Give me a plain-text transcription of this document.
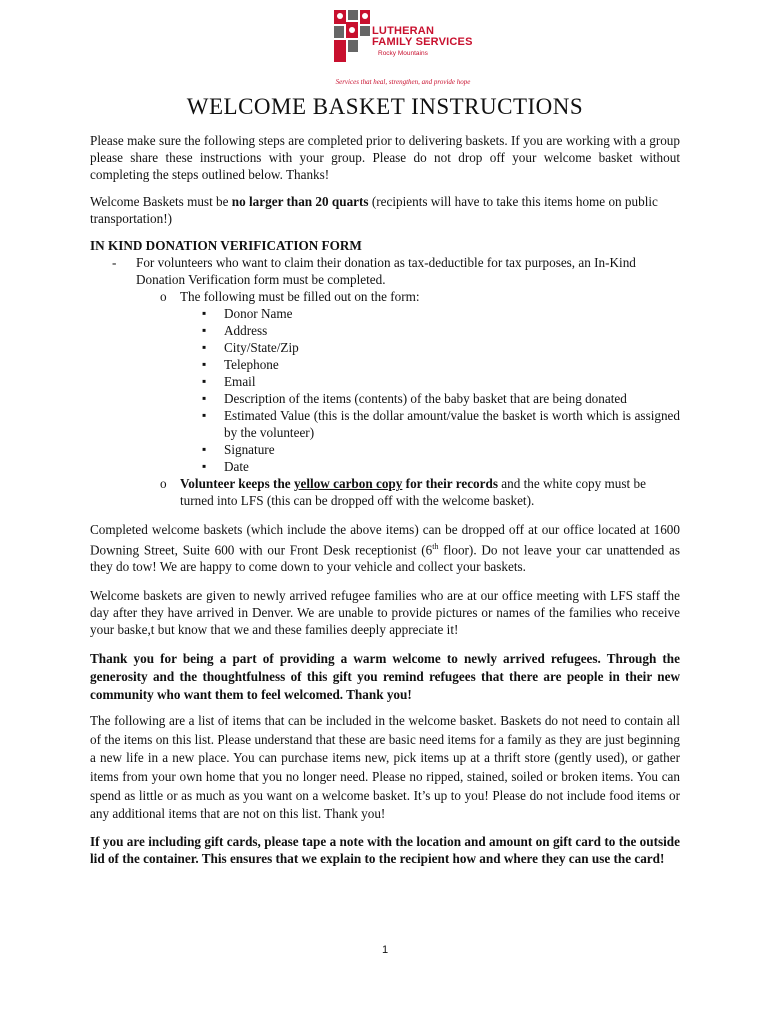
LUTHERAN
FAMILY SERVICES
Rocky Mountains
Services that heal, strengthen, and provide hope
WELCOME BASKET INSTRUCTIONS

Please make sure the following steps are completed prior to delivering baskets. If you are working with a group please share these instructions with your group. Please do not drop off your welcome basket without completing the steps outlined below. Thanks!

Welcome Baskets must be no larger than 20 quarts (recipients will have to take this items home on public transportation!)

IN KIND DONATION VERIFICATION FORM
- For volunteers who want to claim their donation as tax-deductible for tax purposes, an In-Kind Donation Verification form must be completed.
o The following must be filled out on the form:
▪ Donor Name
▪ Address
▪ City/State/Zip
▪ Telephone
▪ Email
▪ Description of the items (contents) of the baby basket that are being donated
▪ Estimated Value (this is the dollar amount/value the basket is worth which is assigned by the volunteer)
▪ Signature
▪ Date
o Volunteer keeps the yellow carbon copy for their records and the white copy must be turned into LFS (this can be dropped off with the welcome basket).

Completed welcome baskets (which include the above items) can be dropped off at our office located at 1600 Downing Street, Suite 600 with our Front Desk receptionist (6th floor). Do not leave your car unattended as they do tow! We are happy to come down to your vehicle and collect your baskets.

Welcome baskets are given to newly arrived refugee families who are at our office meeting with LFS staff the day after they have arrived in Denver. We are unable to provide pictures or names of the families who receive your baske,t but know that we and these families deeply appreciate it!

Thank you for being a part of providing a warm welcome to newly arrived refugees. Through the generosity and the thoughtfulness of this gift you remind refugees that there are people in their new community who want them to feel welcomed. Thank you!

The following are a list of items that can be included in the welcome basket. Baskets do not need to contain all of the items on this list. Please understand that these are basic need items for a family as they are just beginning a new life in a new place. You can purchase items new, pick items up at a thrift store (gently used), or gather items from your own home that you no longer need. Please no ripped, stained, soiled or broken items. You can spend as little or as much as you want on a welcome basket. It’s up to you! Please do not include food items or any additional items that are not on this list. Thank you!

If you are including gift cards, please tape a note with the location and amount on gift card to the outside lid of the container. This ensures that we explain to the recipient how and where they can use the card!

1
